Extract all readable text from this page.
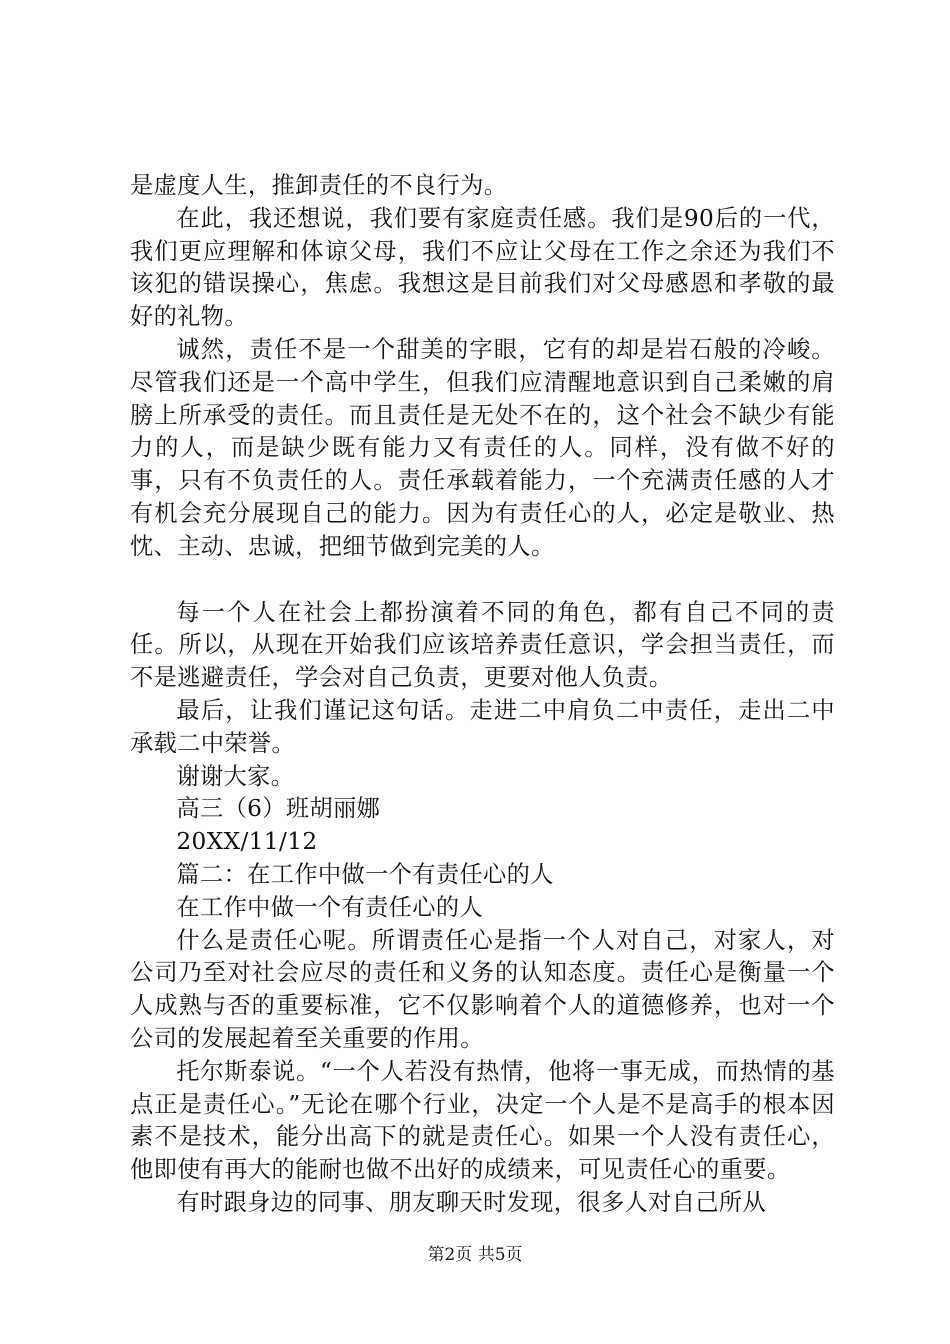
是虚度人生，推卸责任的不良行为。

在此，我还想说，我们要有家庭责任感。我们是90后的一代，我们更应理解和体谅父母，我们不应让父母在工作之余还为我们不该犯的错误操心，焦虑。我想这是目前我们对父母感恩和孝敬的最好的礼物。

诚然，责任不是一个甜美的字眼，它有的却是岩石般的冷峻。尽管我们还是一个高中学生，但我们应清醒地意识到自己柔嫩的肩膀上所承受的责任。而且责任是无处不在的，这个社会不缺少有能力的人，而是缺少既有能力又有责任的人。同样，没有做不好的事，只有不负责任的人。责任承载着能力，一个充满责任感的人才有机会充分展现自己的能力。因为有责任心的人，必定是敬业、热忱、主动、忠诚，把细节做到完美的人。

每一个人在社会上都扮演着不同的角色，都有自己不同的责任。所以，从现在开始我们应该培养责任意识，学会担当责任，而不是逃避责任，学会对自己负责，更要对他人负责。

最后，让我们谨记这句话。走进二中肩负二中责任，走出二中承载二中荣誉。

谢谢大家。

高三（6）班胡丽娜

20XX/11/12

篇二：在工作中做一个有责任心的人

在工作中做一个有责任心的人

什么是责任心呢。所谓责任心是指一个人对自己，对家人，对公司乃至对社会应尽的责任和义务的认知态度。责任心是衡量一个人成熟与否的重要标准，它不仅影响着个人的道德修养，也对一个公司的发展起着至关重要的作用。

托尔斯泰说。“一个人若没有热情，他将一事无成，而热情的基点正是责任心。”无论在哪个行业，决定一个人是不是高手的根本因素不是技术，能分出高下的就是责任心。如果一个人没有责任心，他即使有再大的能耐也做不出好的成绩来，可见责任心的重要。

有时跟身边的同事、朋友聊天时发现，很多人对自己所从

第2页 共5页
